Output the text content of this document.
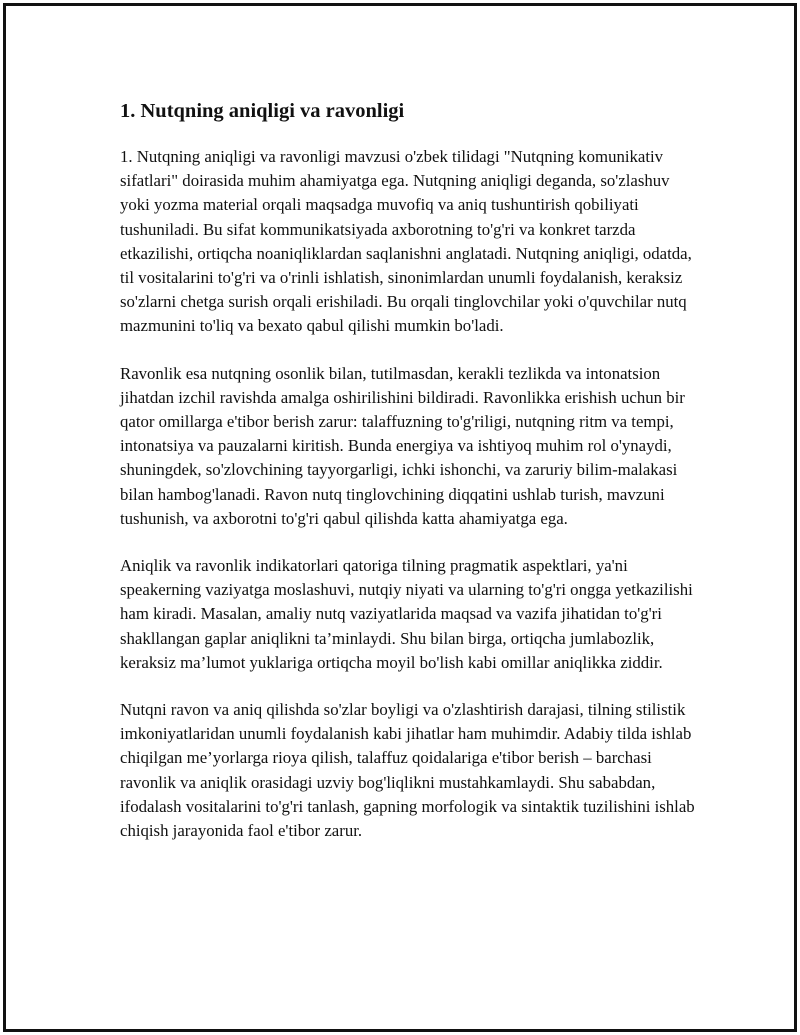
1. Nutqning aniqligi va ravonligi

1. Nutqning aniqligi va ravonligi mavzusi o'zbek tilidagi "Nutqning komunikativ sifatlari" doirasida muhim ahamiyatga ega. Nutqning aniqligi deganda, so'zlashuv yoki yozma material orqali maqsadga muvofiq va aniq tushuntirish qobiliyati tushuniladi. Bu sifat kommunikatsiyada axborotning to'g'ri va konkret tarzda etkazilishi, ortiqcha noaniqliklardan saqlanishni anglatadi. Nutqning aniqligi, odatda, til vositalarini to'g'ri va o'rinli ishlatish, sinonimlardan unumli foydalanish, keraksiz so'zlarni chetga surish orqali erishiladi. Bu orqali tinglovchilar yoki o'quvchilar nutq mazmunini to'liq va bexato qabul qilishi mumkin bo'ladi.

Ravonlik esa nutqning osonlik bilan, tutilmasdan, kerakli tezlikda va intonatsion jihatdan izchil ravishda amalga oshirilishini bildiradi. Ravonlikka erishish uchun bir qator omillarga e'tibor berish zarur: talaffuzning to'g'riligi, nutqning ritm va tempi, intonatsiya va pauzalarni kiritish. Bunda energiya va ishtiyoq muhim rol o'ynaydi, shuningdek, so'zlovchining tayyorgarligi, ichki ishonchi, va zaruriy bilim-malakasi bilan hambog'lanadi. Ravon nutq tinglovchining diqqatini ushlab turish, mavzuni tushunish, va axborotni to'g'ri qabul qilishda katta ahamiyatga ega.

Aniqlik va ravonlik indikatorlari qatoriga tilning pragmatik aspektlari, ya'ni speakerning vaziyatga moslashuvi, nutqiy niyati va ularning to'g'ri ongga yetkazilishi ham kiradi. Masalan, amaliy nutq vaziyatlarida maqsad va vazifa jihatidan to'g'ri shakllangan gaplar aniqlikni ta’minlaydi. Shu bilan birga, ortiqcha jumlabozlik, keraksiz ma’lumot yuklariga ortiqcha moyil bo'lish kabi omillar aniqlikka ziddir.

Nutqni ravon va aniq qilishda so'zlar boyligi va o'zlashtirish darajasi, tilning stilistik imkoniyatlaridan unumli foydalanish kabi jihatlar ham muhimdir. Adabiy tilda ishlab chiqilgan me’yorlarga rioya qilish, talaffuz qoidalariga e'tibor berish – barchasi ravonlik va aniqlik orasidagi uzviy bog'liqlikni mustahkamlaydi. Shu sababdan, ifodalash vositalarini to'g'ri tanlash, gapning morfologik va sintaktik tuzilishini ishlab chiqish jarayonida faol e'tibor zarur.
